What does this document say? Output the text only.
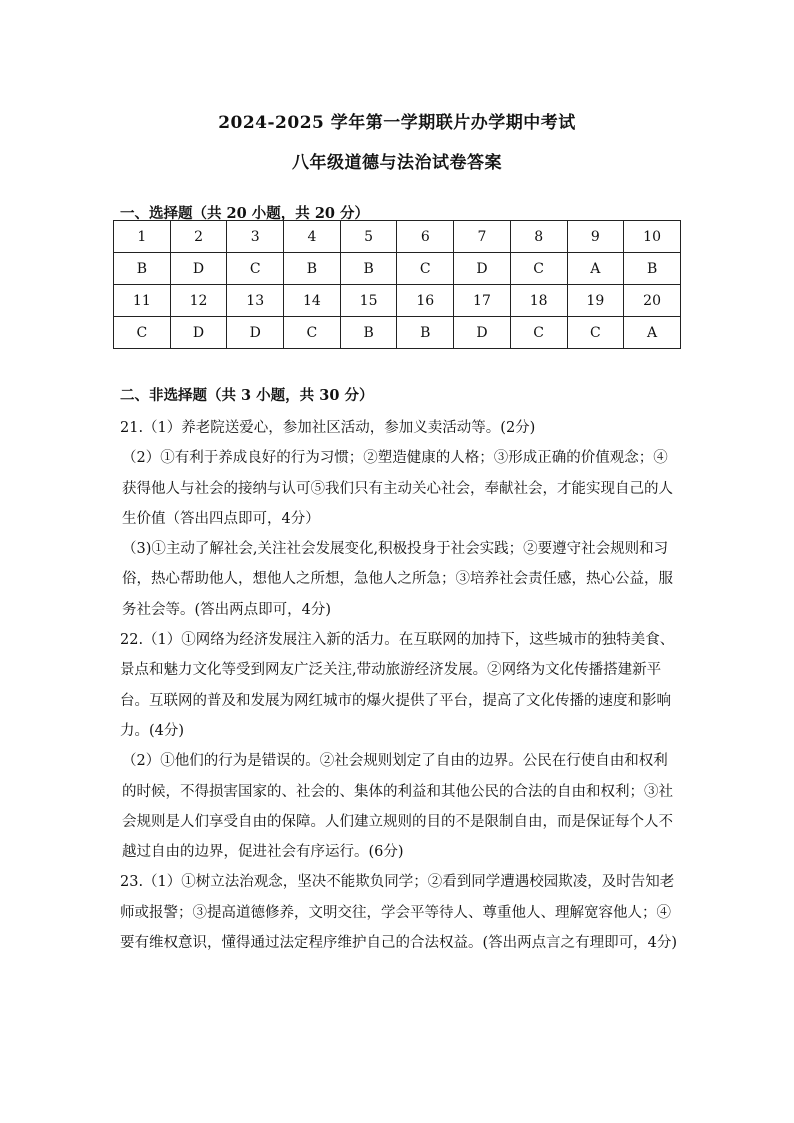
2024-2025 学年第一学期联片办学期中考试
八年级道德与法治试卷答案
一、选择题（共 20 小题，共 20 分）
1	2	3	4	5	6	7	8	9	10
B	D	C	B	B	C	D	C	A	B
11	12	13	14	15	16	17	18	19	20
C	D	D	C	B	B	D	C	C	A
二、非选择题（共 3 小题，共 30 分）

21.（1）养老院送爱心，参加社区活动，参加义卖活动等。(2分)

（2）①有利于养成良好的行为习惯；②塑造健康的人格；③形成正确的价值观念；④获得他人与社会的接纳与认可⑤我们只有主动关心社会，奉献社会，才能实现自己的人生价值（答出四点即可，4分）

（3)①主动了解社会,关注社会发展变化,积极投身于社会实践；②要遵守社会规则和习俗，热心帮助他人，想他人之所想，急他人之所急；③培养社会责任感，热心公益，服务社会等。(答出两点即可，4分)

22.（1）①网络为经济发展注入新的活力。在互联网的加持下，这些城市的独特美食、景点和魅力文化等受到网友广泛关注,带动旅游经济发展。②网络为文化传播搭建新平台。互联网的普及和发展为网红城市的爆火提供了平台，提高了文化传播的速度和影响力。(4分)

（2）①他们的行为是错误的。②社会规则划定了自由的边界。公民在行使自由和权利的时候，不得损害国家的、社会的、集体的利益和其他公民的合法的自由和权利；③社会规则是人们享受自由的保障。人们建立规则的目的不是限制自由，而是保证每个人不越过自由的边界，促进社会有序运行。(6分)

23.（1）①树立法治观念，坚决不能欺负同学；②看到同学遭遇校园欺凌，及时告知老师或报警；③提高道德修养，文明交往，学会平等待人、尊重他人、理解宽容他人；④要有维权意识，懂得通过法定程序维护自己的合法权益。(答出两点言之有理即可，4分)
